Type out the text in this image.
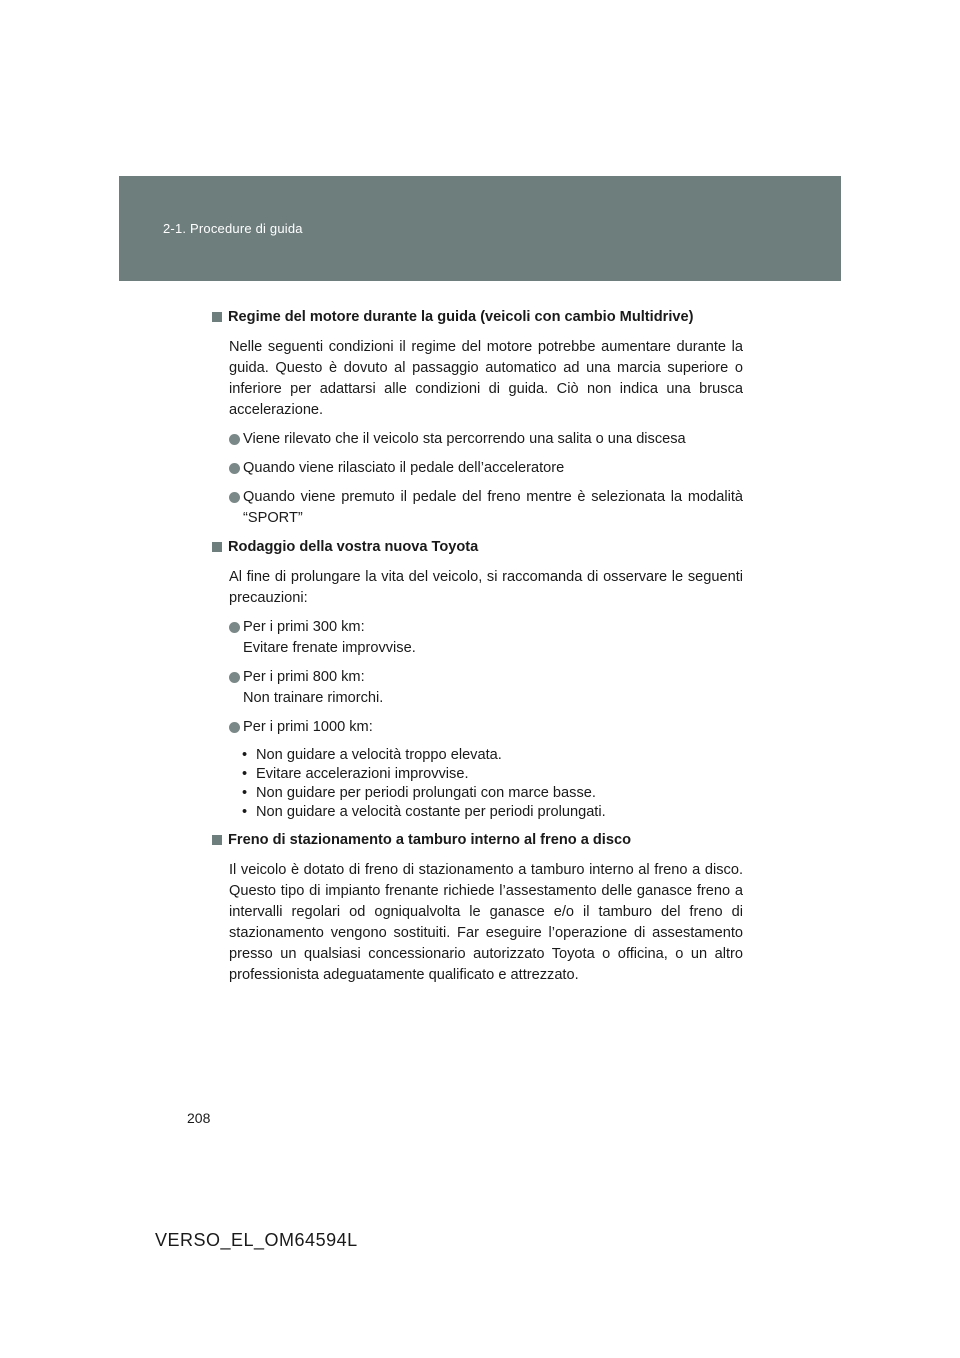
2-1. Procedure di guida
Regime del motore durante la guida (veicoli con cambio Multidrive)
Nelle seguenti condizioni il regime del motore potrebbe aumentare durante la guida. Questo è dovuto al passaggio automatico ad una marcia superiore o inferiore per adattarsi alle condizioni di guida. Ciò non indica una brusca accelerazione.
Viene rilevato che il veicolo sta percorrendo una salita o una discesa
Quando viene rilasciato il pedale dell’acceleratore
Quando viene premuto il pedale del freno mentre è selezionata la modalità “SPORT”
Rodaggio della vostra nuova Toyota
Al fine di prolungare la vita del veicolo, si raccomanda di osservare le seguenti precauzioni:
Per i primi 300 km:
Evitare frenate improvvise.
Per i primi 800 km:
Non trainare rimorchi.
Per i primi 1000 km:
• Non guidare a velocità troppo elevata.
• Evitare accelerazioni improvvise.
• Non guidare per periodi prolungati con marce basse.
• Non guidare a velocità costante per periodi prolungati.
Freno di stazionamento a tamburo interno al freno a disco
Il veicolo è dotato di freno di stazionamento a tamburo interno al freno a disco. Questo tipo di impianto frenante richiede l’assestamento delle ganasce freno a intervalli regolari od ogniqualvolta le ganasce e/o il tamburo del freno di stazionamento vengono sostituiti. Far eseguire l’operazione di assestamento presso un qualsiasi concessionario autorizzato Toyota o officina, o un altro professionista adeguatamente qualificato e attrezzato.
208
VERSO_EL_OM64594L
